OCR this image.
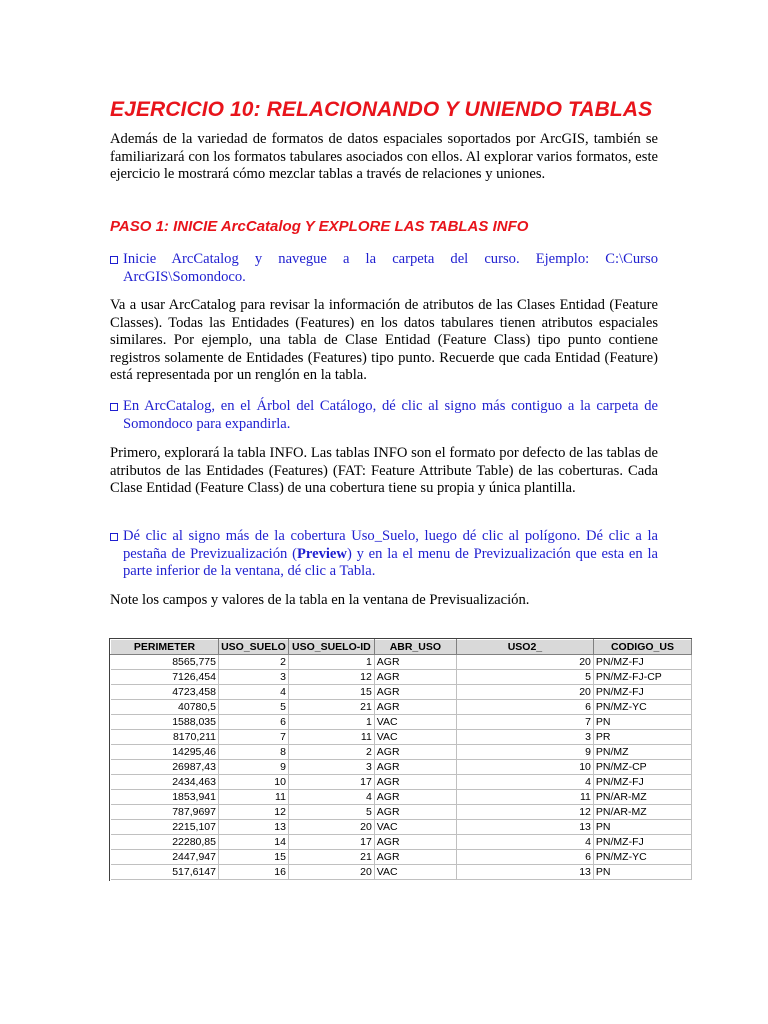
EJERCICIO 10: RELACIONANDO Y UNIENDO TABLAS
Además de la variedad de formatos de datos espaciales soportados por ArcGIS, también se familiarizará con los formatos tabulares asociados con ellos. Al explorar varios formatos, este ejercicio le mostrará cómo mezclar tablas a través de relaciones y uniones.
PASO 1: INICIE ArcCatalog Y EXPLORE LAS TABLAS INFO
Inicie ArcCatalog y navegue a la carpeta del curso. Ejemplo: C:\Curso ArcGIS\Somondoco.
Va a usar ArcCatalog para revisar la información de atributos de las Clases Entidad (Feature Classes). Todas las Entidades (Features) en los datos tabulares tienen atributos espaciales similares. Por ejemplo, una tabla de Clase Entidad (Feature Class) tipo punto contiene registros solamente de Entidades (Features) tipo punto. Recuerde que cada Entidad (Feature) está representada por un renglón en la tabla.
En ArcCatalog, en el Árbol del Catálogo, dé clic al signo más contiguo a la carpeta de Somondoco para expandirla.
Primero, explorará la tabla INFO. Las tablas INFO son el formato por defecto de las tablas de atributos de las Entidades (Features) (FAT: Feature Attribute Table) de las coberturas. Cada Clase Entidad (Feature Class) de una cobertura tiene su propia y única plantilla.
Dé clic al signo más de la cobertura Uso_Suelo, luego dé clic al polígono. Dé clic a la pestaña de Previzualización (Preview) y en la el menu de Previzualización que esta en la parte inferior de la ventana, dé clic a Tabla.
Note los campos y valores de la tabla en la ventana de Previsualización.
PERIMETER	USO_SUELO	USO_SUELO-ID	ABR_USO	USO2_	CODIGO_US
8565,775	2	1	AGR	20	PN/MZ-FJ
7126,454	3	12	AGR	5	PN/MZ-FJ-CP
4723,458	4	15	AGR	20	PN/MZ-FJ
40780,5	5	21	AGR	6	PN/MZ-YC
1588,035	6	1	VAC	7	PN
8170,211	7	11	VAC	3	PR
14295,46	8	2	AGR	9	PN/MZ
26987,43	9	3	AGR	10	PN/MZ-CP
2434,463	10	17	AGR	4	PN/MZ-FJ
1853,941	11	4	AGR	11	PN/AR-MZ
787,9697	12	5	AGR	12	PN/AR-MZ
2215,107	13	20	VAC	13	PN
22280,85	14	17	AGR	4	PN/MZ-FJ
2447,947	15	21	AGR	6	PN/MZ-YC
517,6147	16	20	VAC	13	PN
